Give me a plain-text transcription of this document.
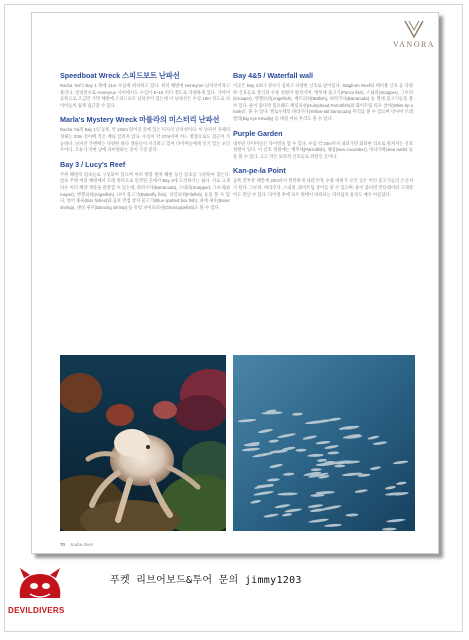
VANORA
Speedboat Wreck 스피드보트 난파선

Racha Yai의 Bay 1 쪽에 21m 수심에 위치하고 있다. 위의 해변에 Honeyrun 난파선이라고 불린다. 멀리전수로 Honeyrun 사이에서도 수심이 8~15 미터 정도로 다양하게 있다. 가까이 동쪽으로 조금만 가면 해변에 스피드보트 난파선이 있는데 이 난파선은 수심 18m 정도로 다이버들이 쉽게 접근할 수 있다.

Marla's Mystery Wreck 마를라의 미스터리 난파선

Racha Yai의 Bay 1의 동쪽, 약 150m 떨어진 곳에 있는 미지의 난파선이다. 이 난파선 자체의 정체는 33m 길이에 작은 배로 알려져 있다. 수심이 약 27m이며 어느 방향으로도 접근이 가능하다. 난파선 주변에는 다양한 바다 생물들이 서식하고 있어 다이버들에게 인기 있는 포인트이다. 조류가 약한 날에 다이빙하는 것이 가장 좋다.

Bay 3 / Lucy's Reef

주위 해변의 암초들로 구성되어 있으며 여러 방향 펼쳐 해변 동산 암초를 구분하여 찾는다. 암초 주변 여러 해변에서 모래 바닥으로 연결된 곳에서 Bay 3에 도착하기는 쉽다. 서로 크게 다른 여러 해양 생물을 관찰할 수 있는데, 바라쿠다(Barracuda), 스내퍼(Snapper), 그루퍼(Grouper), 엔젤피쉬(Angelfish), 나비 물고기(Butterfly fish), 파일피쉬(Filefish) 등을 볼 수 있다. 상어 종류(Box fishes)와 곰보 반점 상자 물고기(Blue spotted box fish), 피에 새우(Boxer shrimp), 댄싱 새우(Dancing shrimp) 등 유령 파이프피쉬(Ghost pipefish)도 볼 수 있다.

Bay 4&5 / Waterfall wall

이곳은 Bay 3보다 경사가 심하고 다양한 산호로 덮여있다. Staghorn Reef와 테이블 산호 등 다양한 산호들로 장식된 수중 정원이 펼쳐지며, 앵무새 물고기(Parrot fish), 스내퍼(Snapper), 그루퍼(Grouper), 엔젤피쉬(Angelfish), 배트피쉬(Batfish), 바라쿠다(Barracuda) 등 열대 물고기들을 볼 수 있다. 운이 좋다면 험프헤드 패럿피쉬(Humphead Parrotfish)와 화이트팁 리프 상어(White tip shark)도 볼 수 있다. 옐로우테일 바라쿠다(Yellow-tail barracuda) 무리를 볼 수 있으며 빅아이 트레발리(Big eye trevally) 등 대형 어류 무리도 볼 수 있다.

Purple Garden

대부분 다이버들은 다이빙을 할 수 있다. 수심 약 20m까지 내려가면 화려한 리프로 펼쳐지는 산호 정원이 있다. 이 산호 정원에는 앵무새(Parrotfish), 해삼(Sea cucumber), 바다거북(Sea turtle) 등을 볼 수 있다. 크고 작은 보라색 산호들로 뒤덮인 곳이다.

Kan-pe-la Point

동쪽 끝부분 해안에 20m까지 완만하게 내려가며, 수중 바위가 모인 곳은 어린 물고기들의 은신처가 된다. 그루퍼, 바라쿠다, 스내퍼, 화이트팁 상어를 볼 수 있으며, 운이 좋다면 만타레이와 고래상어도 만날 수 있다. 다이빙 후에 보트 위에서 바라보는 라차섬의 풍경도 매우 아름답다.

70 scuba diver
DEVILDIVERS
푸켓 리브어보드&투어 문의 jimmy1203
